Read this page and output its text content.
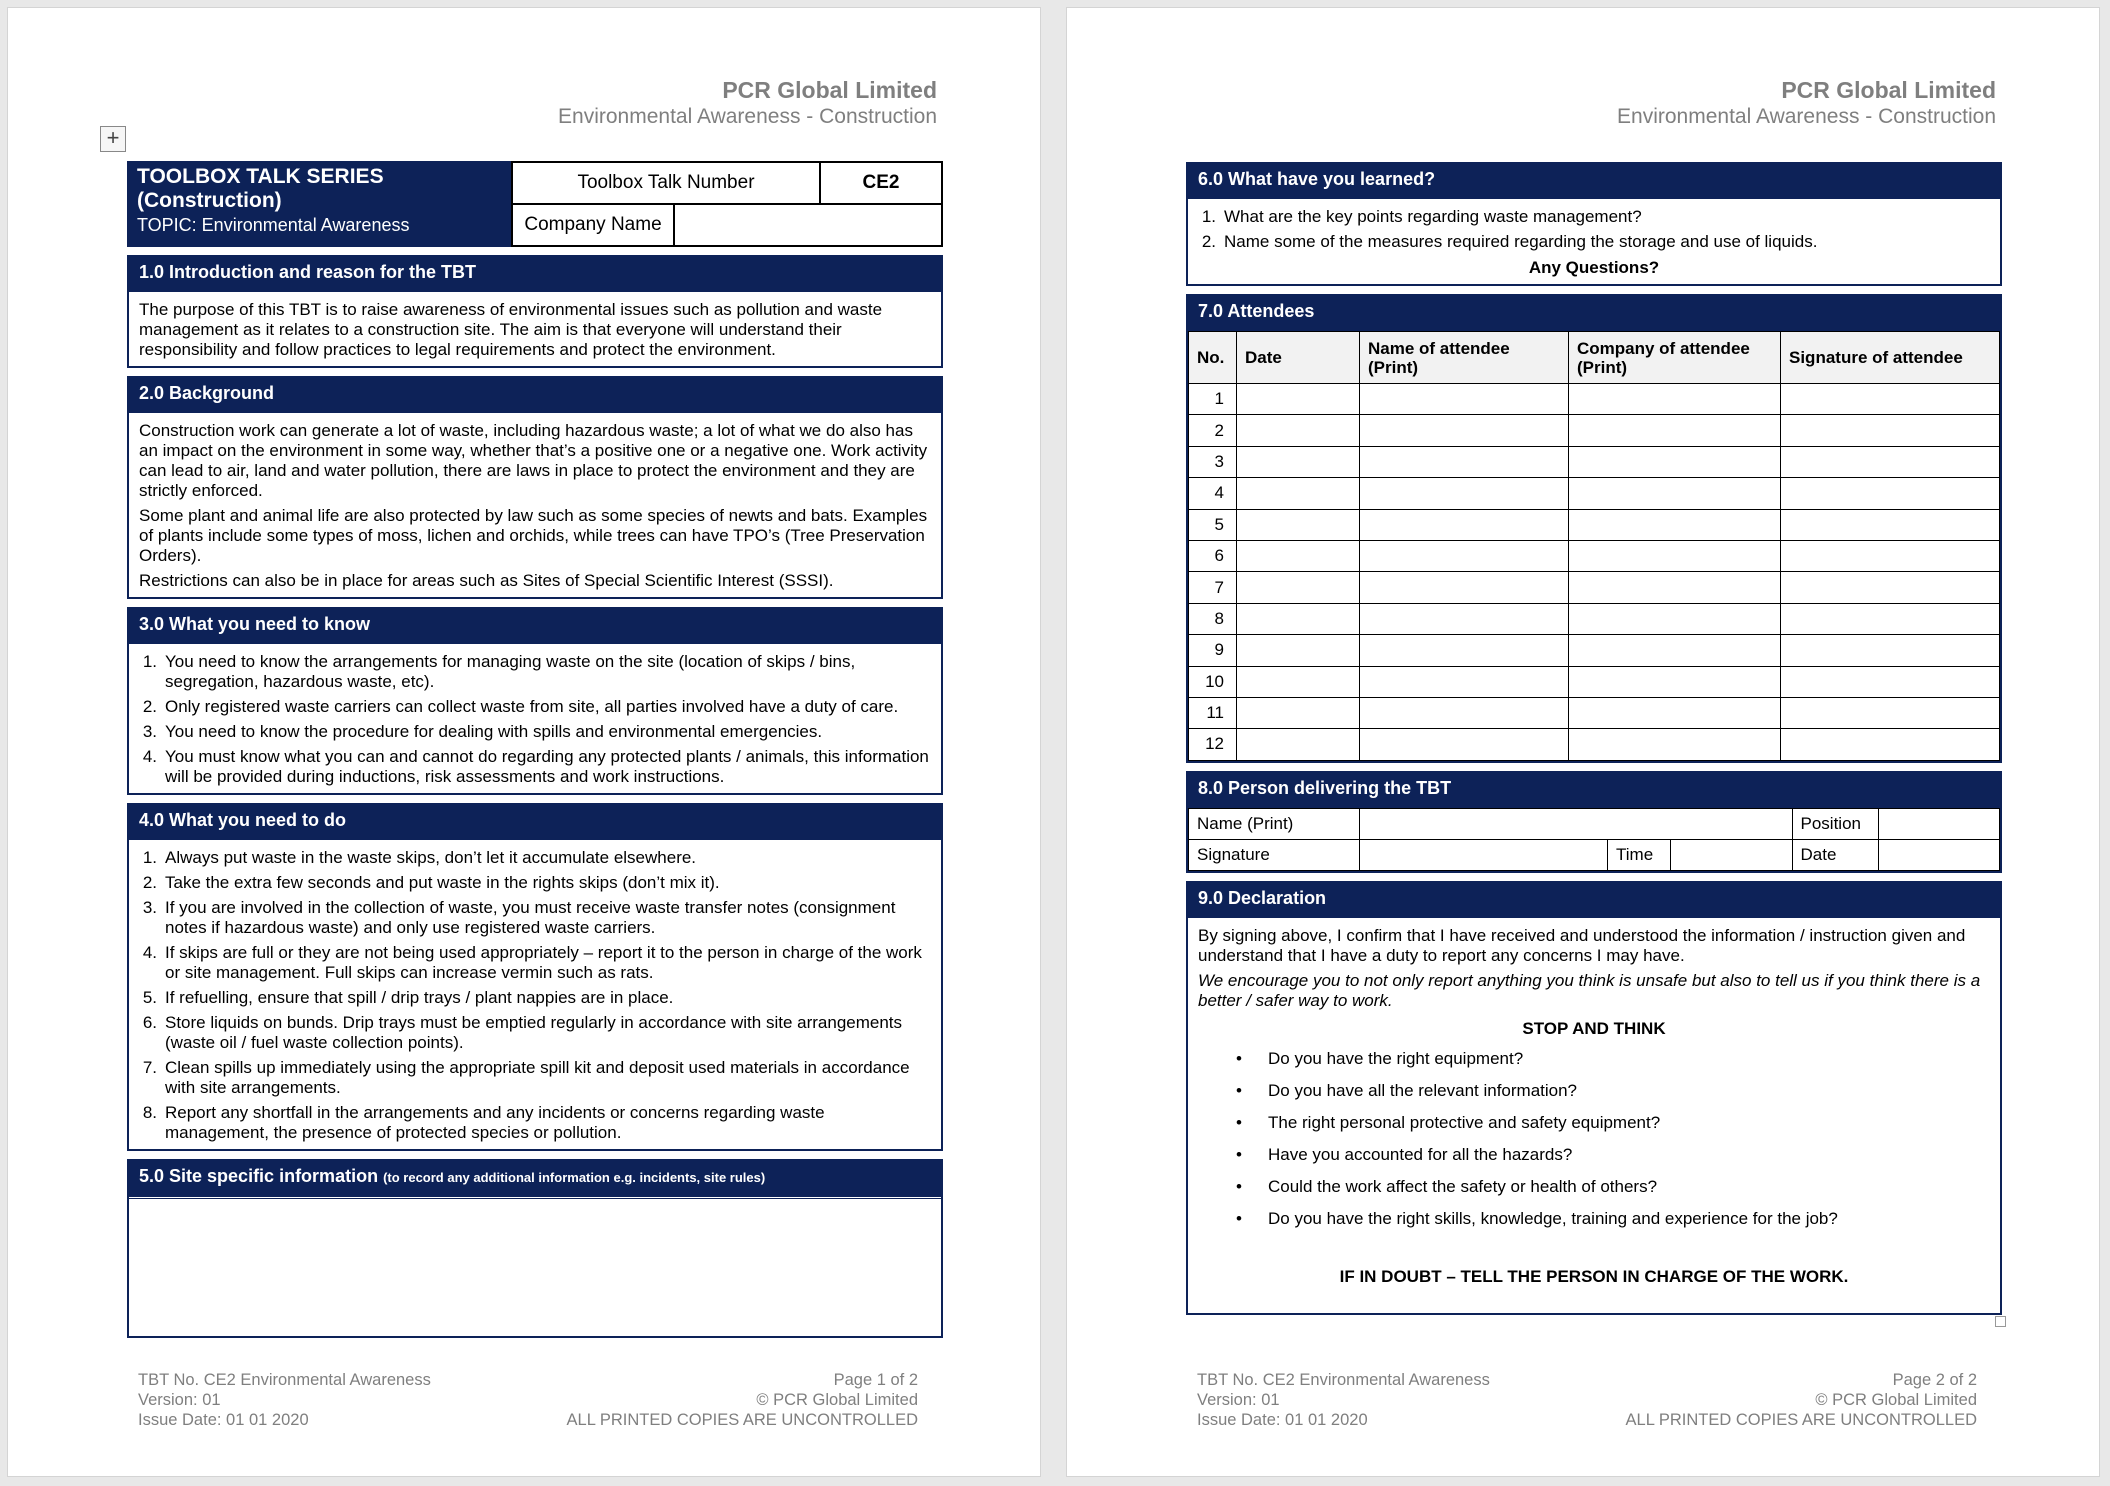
+
PCR Global Limited
Environmental Awareness - Construction
TOOLBOX TALK SERIES (Construction)
TOPIC: Environmental Awareness
Toolbox Talk Number	CE2
Company Name
1.0 Introduction and reason for the TBT

The purpose of this TBT is to raise awareness of environmental issues such as pollution and waste management as it relates to a construction site. The aim is that everyone will understand their responsibility and follow practices to legal requirements and protect the environment.

2.0 Background

Construction work can generate a lot of waste, including hazardous waste; a lot of what we do also has an impact on the environment in some way, whether that’s a positive one or a negative one. Work activity can lead to air, land and water pollution, there are laws in place to protect the environment and they are strictly enforced.

Some plant and animal life are also protected by law such as some species of newts and bats. Examples of plants include some types of moss, lichen and orchids, while trees can have TPO’s (Tree Preservation Orders).

Restrictions can also be in place for areas such as Sites of Special Scientific Interest (SSSI).

3.0 What you need to know
1. You need to know the arrangements for managing waste on the site (location of skips / bins, segregation, hazardous waste, etc).
2. Only registered waste carriers can collect waste from site, all parties involved have a duty of care.
3. You need to know the procedure for dealing with spills and environmental emergencies.
4. You must know what you can and cannot do regarding any protected plants / animals, this information will be provided during inductions, risk assessments and work instructions.
4.0 What you need to do
1. Always put waste in the waste skips, don’t let it accumulate elsewhere.
2. Take the extra few seconds and put waste in the rights skips (don’t mix it).
3. If you are involved in the collection of waste, you must receive waste transfer notes (consignment notes if hazardous waste) and only use registered waste carriers.
4. If skips are full or they are not being used appropriately – report it to the person in charge of the work or site management. Full skips can increase vermin such as rats.
5. If refuelling, ensure that spill / drip trays / plant nappies are in place.
6. Store liquids on bunds. Drip trays must be emptied regularly in accordance with site arrangements (waste oil / fuel waste collection points).
7. Clean spills up immediately using the appropriate spill kit and deposit used materials in accordance with site arrangements.
8. Report any shortfall in the arrangements and any incidents or concerns regarding waste management, the presence of protected species or pollution.
5.0 Site specific information (to record any additional information e.g. incidents, site rules)
TBT No. CE2 Environmental Awareness
Version: 01
Issue Date: 01 01 2020
Page 1 of 2
© PCR Global Limited
ALL PRINTED COPIES ARE UNCONTROLLED
PCR Global Limited
Environmental Awareness - Construction
6.0 What have you learned?
1. What are the key points regarding waste management?
2. Name some of the measures required regarding the storage and use of liquids.

Any Questions?

7.0 Attendees
No.	Date	Name of attendee (Print)	Company of attendee (Print)	Signature of attendee
1				
2				
3				
4				
5				
6				
7				
8				
9				
10				
11				
12				
8.0 Person delivering the TBT
Name (Print)				Position	
Signature		Time		Date	
9.0 Declaration

By signing above, I confirm that I have received and understood the information / instruction given and understand that I have a duty to report any concerns I may have.

We encourage you to not only report anything you think is unsafe but also to tell us if you think there is a better / safer way to work.

STOP AND THINK

•	Do you have the right equipment?
•	Do you have all the relevant information?
•	The right personal protective and safety equipment?
•	Have you accounted for all the hazards?
•	Could the work affect the safety or health of others?
•	Do you have the right skills, knowledge, training and experience for the job?

IF IN DOUBT – TELL THE PERSON IN CHARGE OF THE WORK.

TBT No. CE2 Environmental Awareness
Version: 01
Issue Date: 01 01 2020
Page 2 of 2
© PCR Global Limited
ALL PRINTED COPIES ARE UNCONTROLLED
